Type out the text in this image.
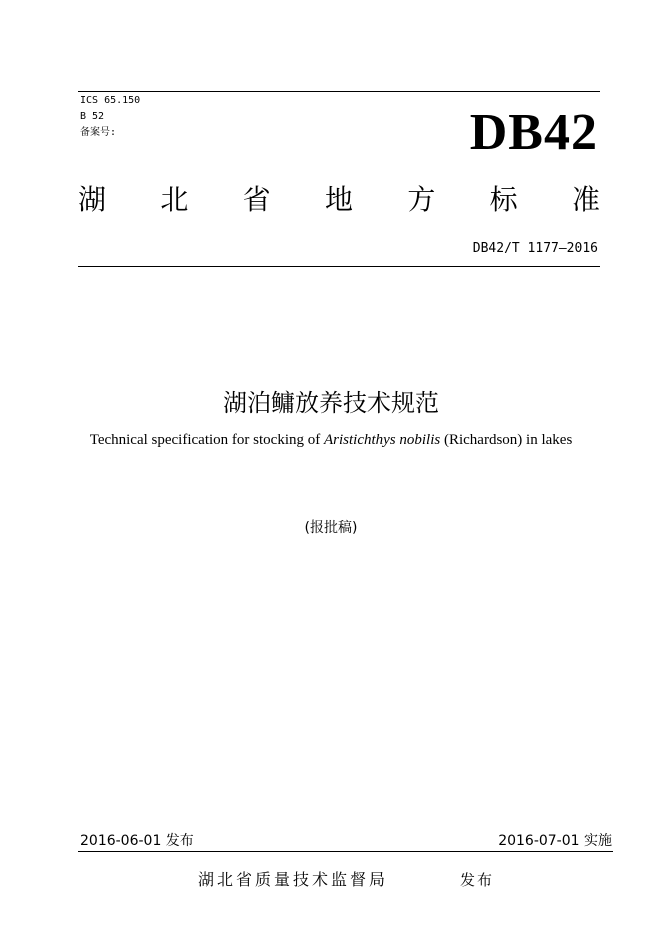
ICS 65.150
B 52
备案号:	DB42
湖 北 省 地 方 标 准
DB42/T 1177—2016
湖泊鳙放养技术规范
Technical specification for stocking of Aristichthys nobilis (Richardson) in lakes
(报批稿)
2016-06-01 发布	2016-07-01 实施
湖北省质量技术监督局	发布
